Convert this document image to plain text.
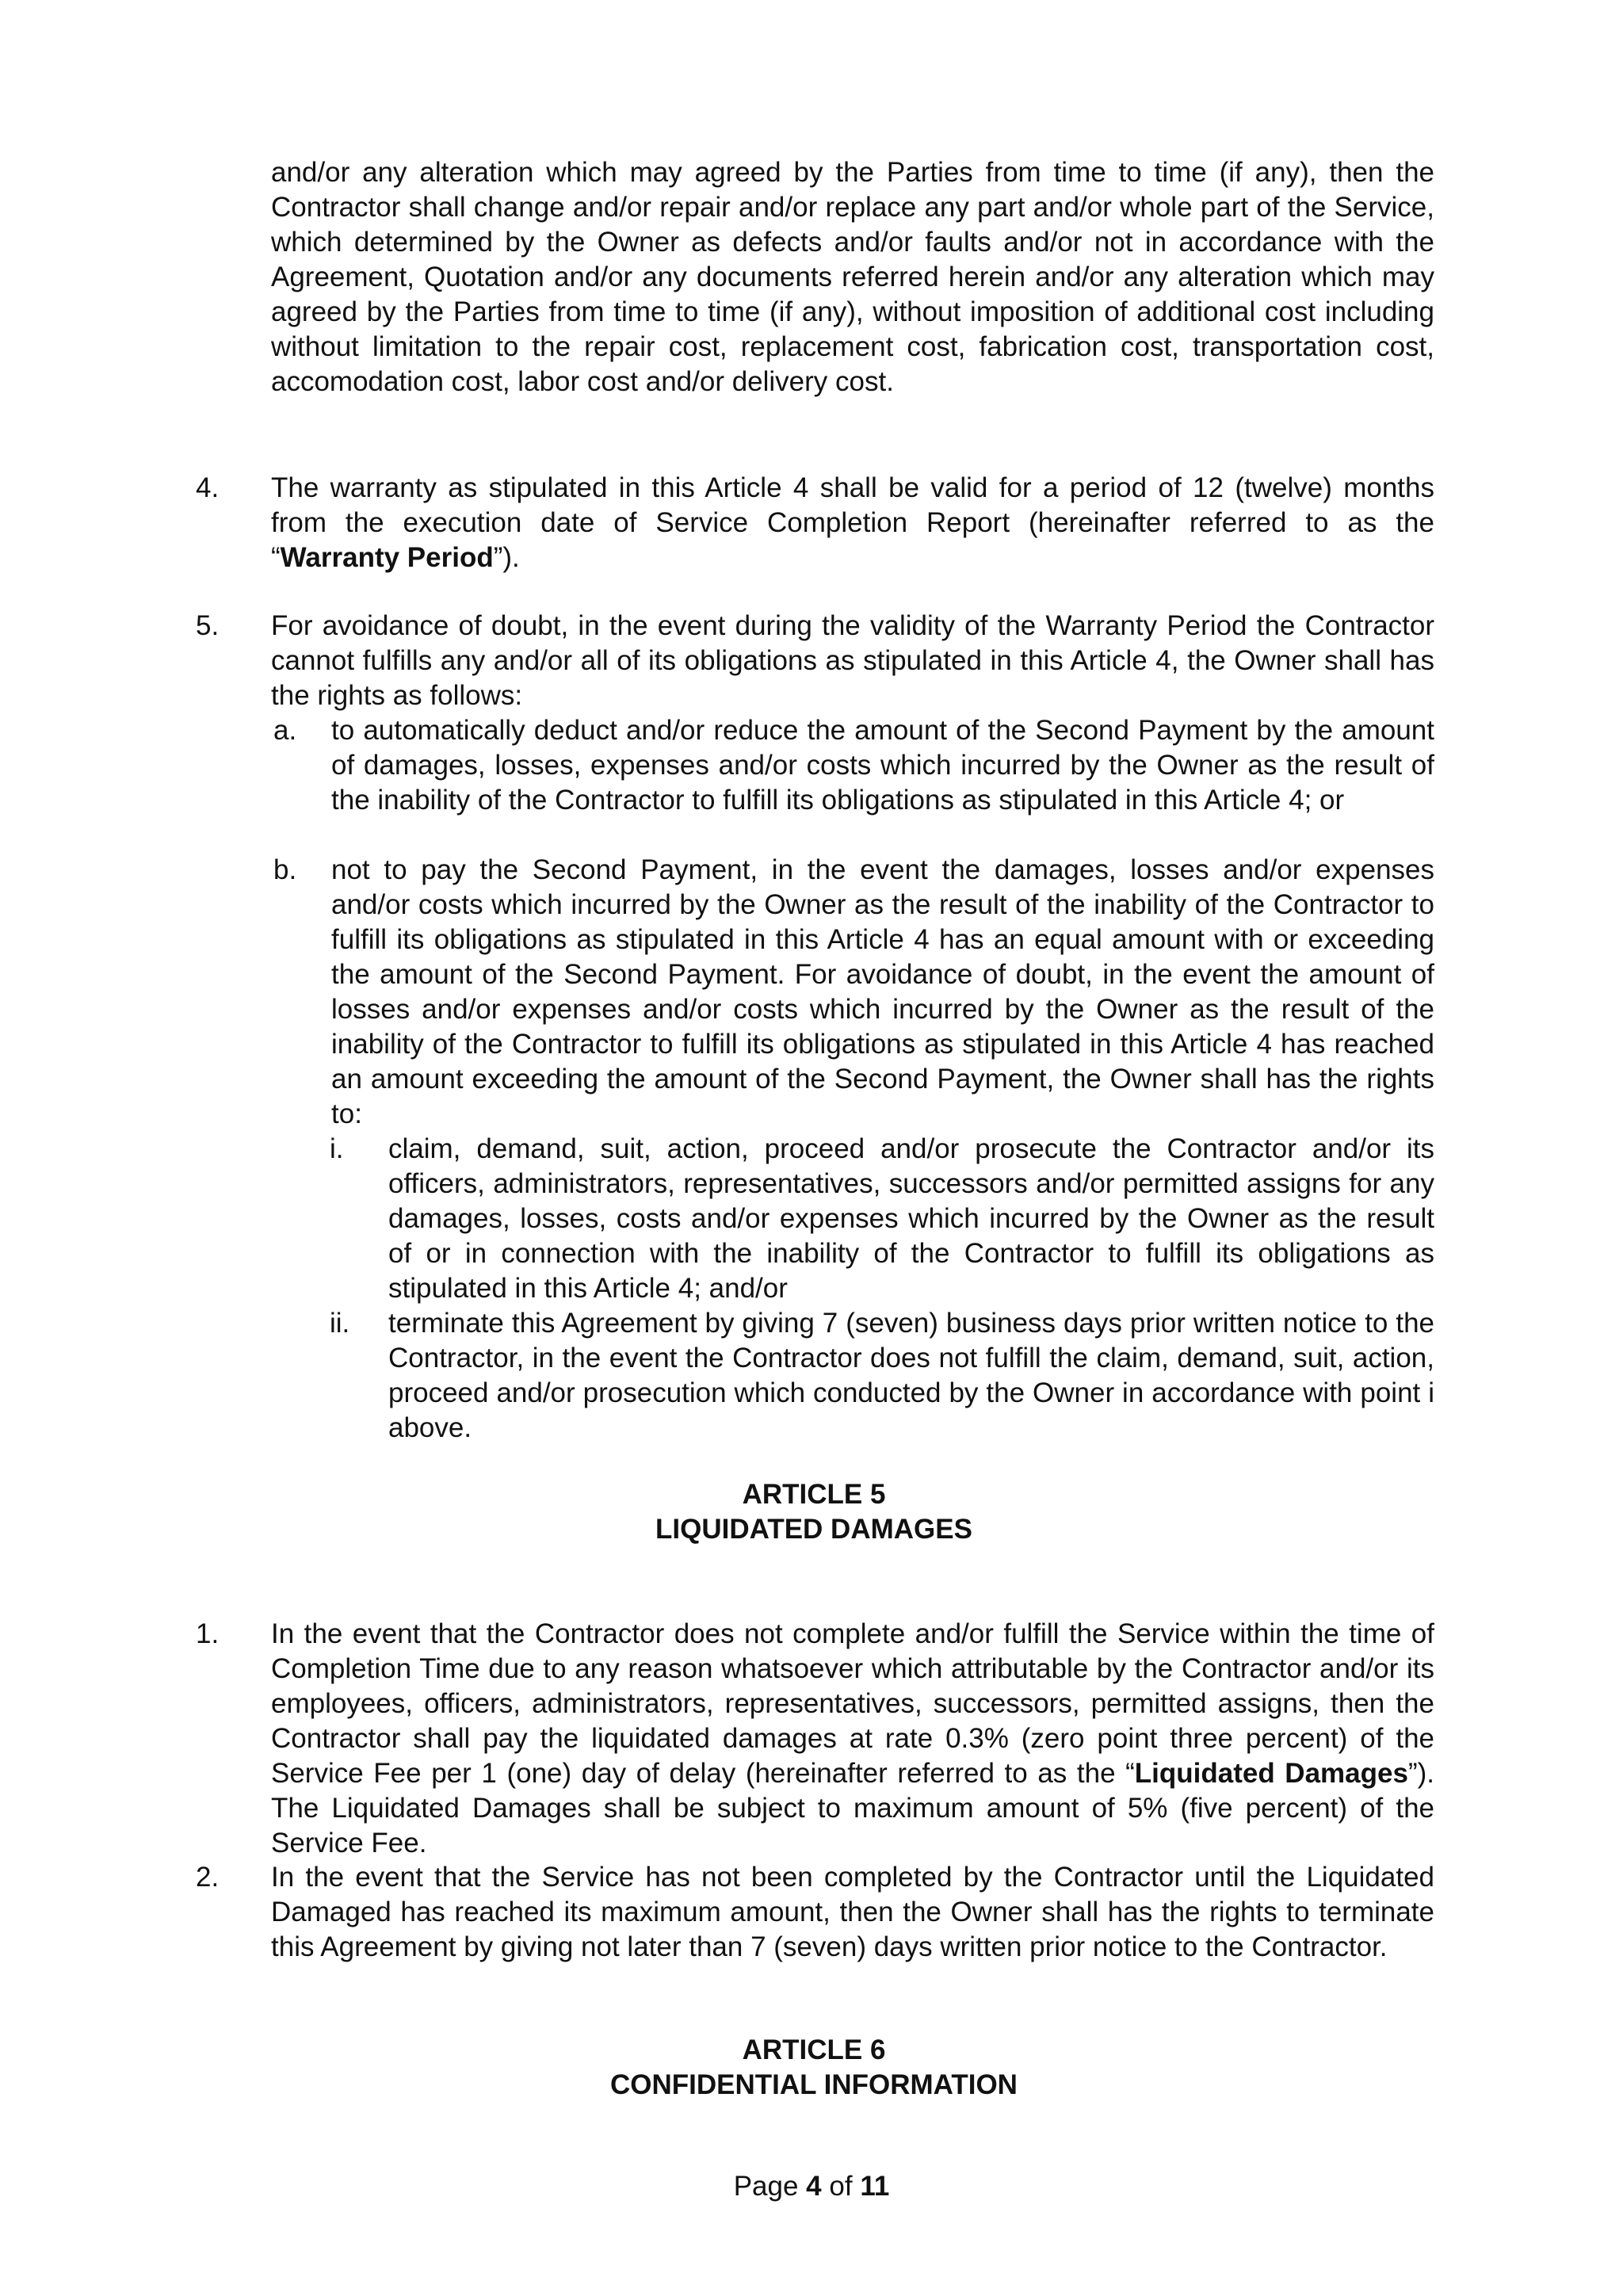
and/or any alteration which may agreed by the Parties from time to time (if any), then the Contractor shall change and/or repair and/or replace any part and/or whole part of the Service, which determined by the Owner as defects and/or faults and/or not in accordance with the Agreement, Quotation and/or any documents referred herein and/or any alteration which may agreed by the Parties from time to time (if any), without imposition of additional cost including without limitation to the repair cost, replacement cost, fabrication cost, transportation cost, accomodation cost, labor cost and/or delivery cost.

4. The warranty as stipulated in this Article 4 shall be valid for a period of 12 (twelve) months from the execution date of Service Completion Report (hereinafter referred to as the “Warranty Period”).

5. For avoidance of doubt, in the event during the validity of the Warranty Period the Contractor cannot fulfills any and/or all of its obligations as stipulated in this Article 4, the Owner shall has the rights as follows:

a. to automatically deduct and/or reduce the amount of the Second Payment by the amount of damages, losses, expenses and/or costs which incurred by the Owner as the result of the inability of the Contractor to fulfill its obligations as stipulated in this Article 4; or

b. not to pay the Second Payment, in the event the damages, losses and/or expenses and/or costs which incurred by the Owner as the result of the inability of the Contractor to fulfill its obligations as stipulated in this Article 4 has an equal amount with or exceeding the amount of the Second Payment. For avoidance of doubt, in the event the amount of losses and/or expenses and/or costs which incurred by the Owner as the result of the inability of the Contractor to fulfill its obligations as stipulated in this Article 4 has reached an amount exceeding the amount of the Second Payment, the Owner shall has the rights to:

i. claim, demand, suit, action, proceed and/or prosecute the Contractor and/or its officers, administrators, representatives, successors and/or permitted assigns for any damages, losses, costs and/or expenses which incurred by the Owner as the result of or in connection with the inability of the Contractor to fulfill its obligations as stipulated in this Article 4; and/or

ii. terminate this Agreement by giving 7 (seven) business days prior written notice to the Contractor, in the event the Contractor does not fulfill the claim, demand, suit, action, proceed and/or prosecution which conducted by the Owner in accordance with point i above.

ARTICLE 5

LIQUIDATED DAMAGES

1. In the event that the Contractor does not complete and/or fulfill the Service within the time of Completion Time due to any reason whatsoever which attributable by the Contractor and/or its employees, officers, administrators, representatives, successors, permitted assigns, then the Contractor shall pay the liquidated damages at rate 0.3% (zero point three percent) of the Service Fee per 1 (one) day of delay (hereinafter referred to as the “Liquidated Damages”). The Liquidated Damages shall be subject to maximum amount of 5% (five percent) of the Service Fee.

2. In the event that the Service has not been completed by the Contractor until the Liquidated Damaged has reached its maximum amount, then the Owner shall has the rights to terminate this Agreement by giving not later than 7 (seven) days written prior notice to the Contractor.

ARTICLE 6

CONFIDENTIAL INFORMATION

Page 4 of 11
